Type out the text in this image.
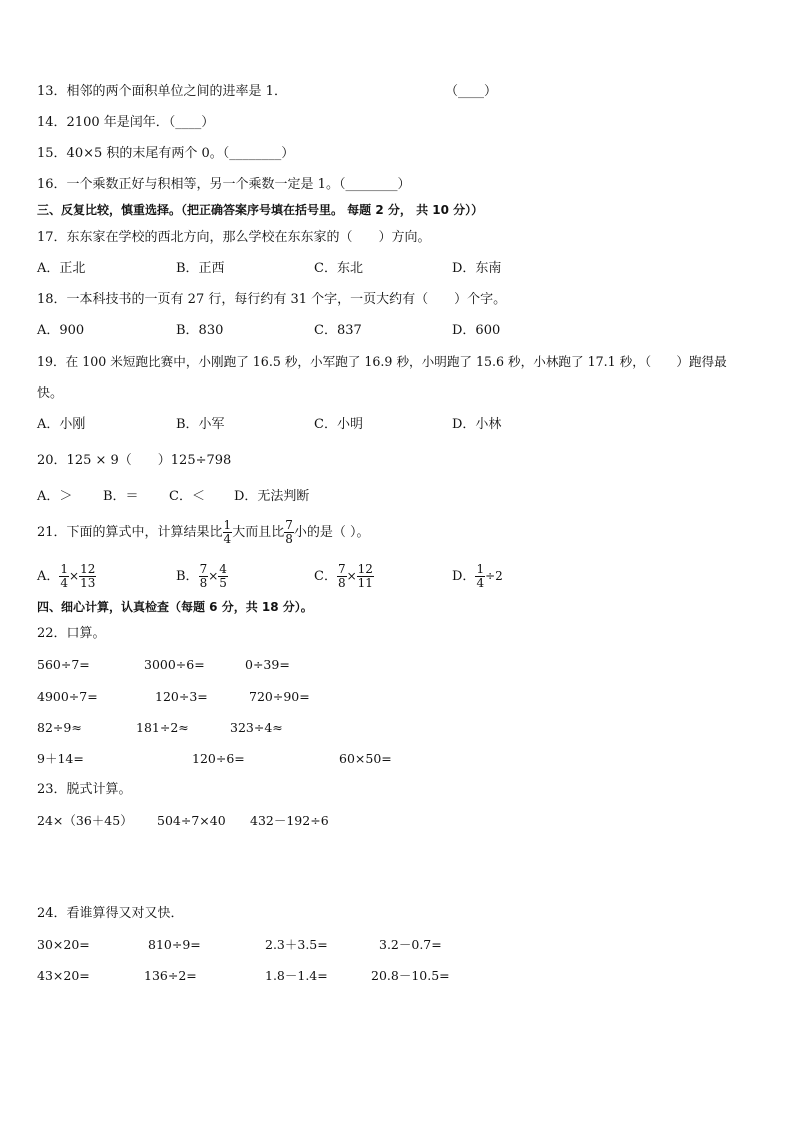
13．相邻的两个面积单位之间的进率是 1．	（____）
14．2100 年是闰年．（____）
15．40×5 积的末尾有两个 0。（________）
16．一个乘数正好与积相等，另一个乘数一定是 1。（________）
三、反复比较，慎重选择。（把正确答案序号填在括号里。 每题 2 分， 共 10 分））
17．东东家在学校的西北方向，那么学校在东东家的（　　）方向。
A．正北	B．正西	C．东北	D．东南
18．一本科技书的一页有 27 行，每行约有 31 个字，一页大约有（　　）个字。
A．900	B．830	C．837	D．600
19．在 100 米短跑比赛中，小刚跑了 16.5 秒，小军跑了 16.9 秒，小明跑了 15.6 秒，小林跑了 17.1 秒，（　　）跑得最
快。
A．小刚	B．小军	C．小明	D．小林
20．125 × 9（　　）125÷798
A．＞ B．＝ C．＜ D．无法判断
21．下面的算式中，计算结果比 $\frac{1}{4}$ 大而且比 $\frac{7}{8}$ 小的是（ ）。
A． $\frac{1}{4} \times \frac{12}{13}$	B． $\frac{7}{8} \times \frac{4}{5}$	C． $\frac{7}{8} \times \frac{12}{11}$	D． $\frac{1}{4} \div 2$
四、细心计算，认真检查（每题 6 分，共 18 分）。
22．口算。
560÷7=	3000÷6=	0÷39=
4900÷7=	120÷3=	720÷90=
82÷9≈	181÷2≈	323÷4≈
9＋14=	120÷6=	60×50=
23．脱式计算。
24×（36＋45） 504÷7×40 432－192÷6
24．看谁算得又对又快．
30×20=	810÷9=	2.3＋3.5=	3.2－0.7=
43×20=	136÷2=	1.8－1.4=	20.8－10.5=
